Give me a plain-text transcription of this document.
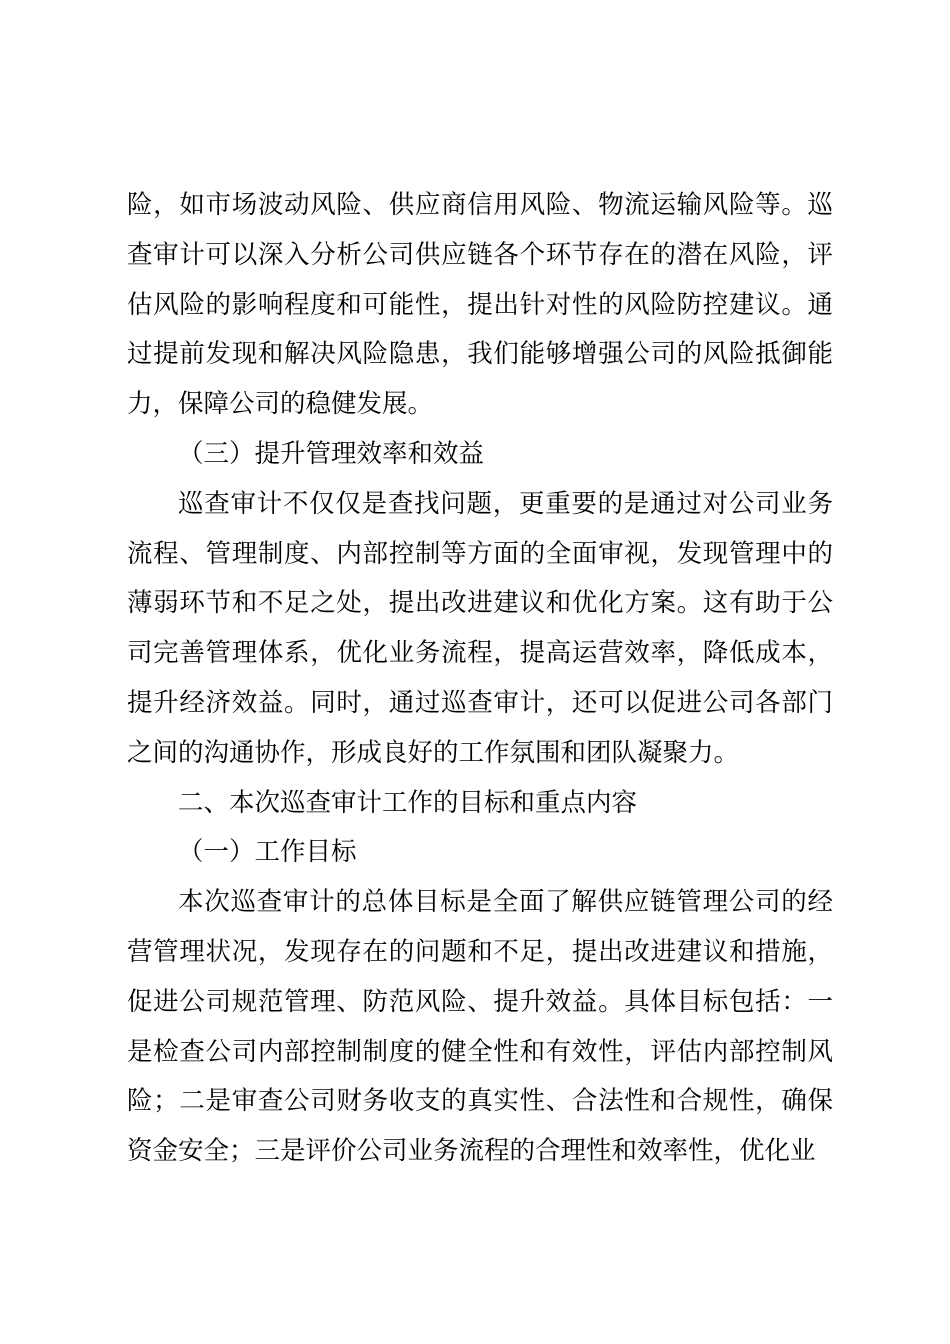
险，如市场波动风险、供应商信用风险、物流运输风险等。巡查审计可以深入分析公司供应链各个环节存在的潜在风险，评估风险的影响程度和可能性，提出针对性的风险防控建议。通过提前发现和解决风险隐患，我们能够增强公司的风险抵御能力，保障公司的稳健发展。

（三）提升管理效率和效益

巡查审计不仅仅是查找问题，更重要的是通过对公司业务流程、管理制度、内部控制等方面的全面审视，发现管理中的薄弱环节和不足之处，提出改进建议和优化方案。这有助于公司完善管理体系，优化业务流程，提高运营效率，降低成本，提升经济效益。同时，通过巡查审计，还可以促进公司各部门之间的沟通协作，形成良好的工作氛围和团队凝聚力。

二、本次巡查审计工作的目标和重点内容

（一）工作目标

本次巡查审计的总体目标是全面了解供应链管理公司的经营管理状况，发现存在的问题和不足，提出改进建议和措施，促进公司规范管理、防范风险、提升效益。具体目标包括：一是检查公司内部控制制度的健全性和有效性，评估内部控制风险；二是审查公司财务收支的真实性、合法性和合规性，确保资金安全；三是评价公司业务流程的合理性和效率性，优化业
